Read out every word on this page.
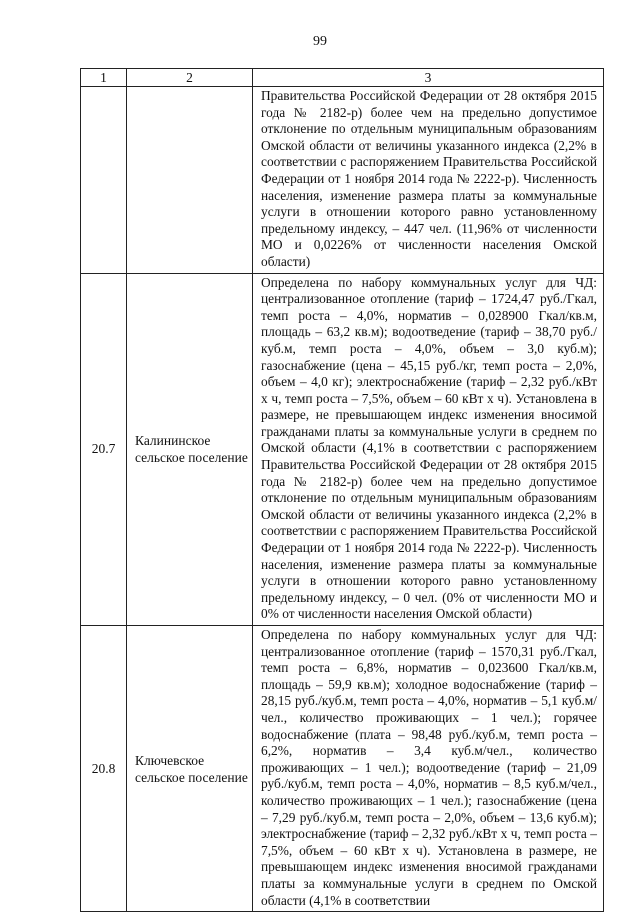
99
1	2	3
		Правительства Российской Федерации от 28 октября 2015 года № 2182-р) более чем на предельно допустимое отклонение по отдельным муниципальным образованиям Омской области от величины указанного индекса (2,2% в соответствии с распоряжением Правительства Российской Федерации от 1 ноября 2014 года № 2222-р). Численность населения, изменение размера платы за коммунальные услуги в отношении которого равно установленному предельному индексу, – 447 чел. (11,96% от численности МО и 0,0226% от численности населения Омской области)
20.7	Калининское сельское поселение	Определена по набору коммунальных услуг для ЧД: централизованное отопление (тариф – 1724,47 руб./Гкал, темп роста – 4,0%, норматив – 0,028900 Гкал/кв.м, площадь – 63,2 кв.м); водоотведение (тариф – 38,70 руб./куб.м, темп роста – 4,0%, объем – 3,0 куб.м); газоснабжение (цена – 45,15 руб./кг, темп роста – 2,0%, объем – 4,0 кг); электроснабжение (тариф – 2,32 руб./кВт х ч, темп роста – 7,5%, объем – 60 кВт х ч). Установлена в размере, не превышающем индекс изменения вносимой гражданами платы за коммунальные услуги в среднем по Омской области (4,1% в соответствии с распоряжением Правительства Российской Федерации от 28 октября 2015 года № 2182-р) более чем на предельно допустимое отклонение по отдельным муниципальным образованиям Омской области от величины указанного индекса (2,2% в соответствии с распоряжением Правительства Российской Федерации от 1 ноября 2014 года № 2222-р). Численность населения, изменение размера платы за коммунальные услуги в отношении которого равно установленному предельному индексу, – 0 чел. (0% от численности МО и 0% от численности населения Омской области)
20.8	Ключевское сельское поселение	Определена по набору коммунальных услуг для ЧД: централизованное отопление (тариф – 1570,31 руб./Гкал, темп роста – 6,8%, норматив – 0,023600 Гкал/кв.м, площадь – 59,9 кв.м); холодное водоснабжение (тариф – 28,15 руб./куб.м, темп роста – 4,0%, норматив – 5,1 куб.м/чел., количество проживающих – 1 чел.); горячее водоснабжение (плата – 98,48 руб./куб.м, темп роста – 6,2%, норматив – 3,4 куб.м/чел., количество проживающих – 1 чел.); водоотведение (тариф – 21,09 руб./куб.м, темп роста – 4,0%, норматив – 8,5 куб.м/чел., количество проживающих – 1 чел.); газоснабжение (цена – 7,29 руб./куб.м, темп роста – 2,0%, объем – 13,6 куб.м); электроснабжение (тариф – 2,32 руб./кВт х ч, темп роста – 7,5%, объем – 60 кВт х ч). Установлена в размере, не превышающем индекс изменения вносимой гражданами платы за коммунальные услуги в среднем по Омской области (4,1% в соответствии
